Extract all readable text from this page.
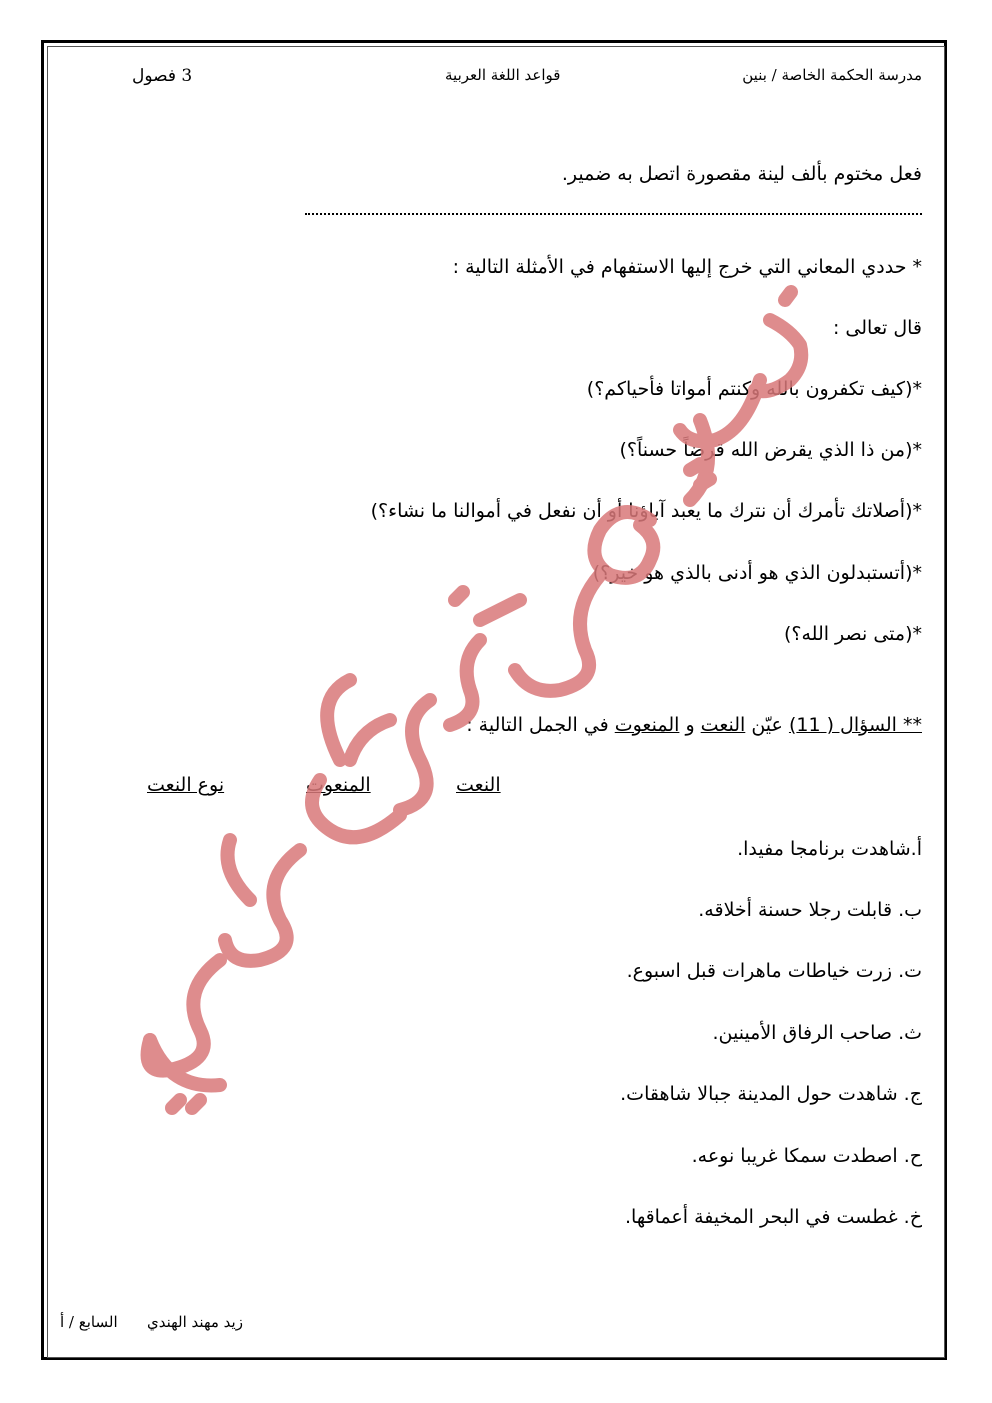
مدرسة الحكمة الخاصة / بنين
قواعد اللغة العربية
3 فصول
فعل مختوم بألف لينة مقصورة اتصل به ضمير.
* حددي المعاني التي خرج إليها الاستفهام في الأمثلة التالية :
قال تعالى :
*(كيف تكفرون بالله وكنتم أمواتا فأحياكم؟)
*(من ذا الذي يقرض الله قرضاً حسناً؟)
*(أصلاتك تأمرك أن نترك ما يعبد آباؤنا أو أن نفعل في أموالنا ما نشاء؟)
*(أتستبدلون الذي هو أدنى بالذي هو خير؟)
*(متى نصر الله؟)
** السؤال ( 11) عيّن النعت و المنعوت في الجمل التالية :
النعت
المنعوت
نوع النعت
أ.شاهدت برنامجا مفيدا.
ب. قابلت رجلا حسنة أخلاقه.
ت. زرت خياطات ماهرات قبل اسبوع.
ث. صاحب الرفاق الأمينين.
ج. شاهدت حول المدينة جبالا شاهقات.
ح. اصطدت سمكا غريبا نوعه.
خ. غطست في البحر المخيفة أعماقها.
زيد مهند الهندي
السابع / أ
